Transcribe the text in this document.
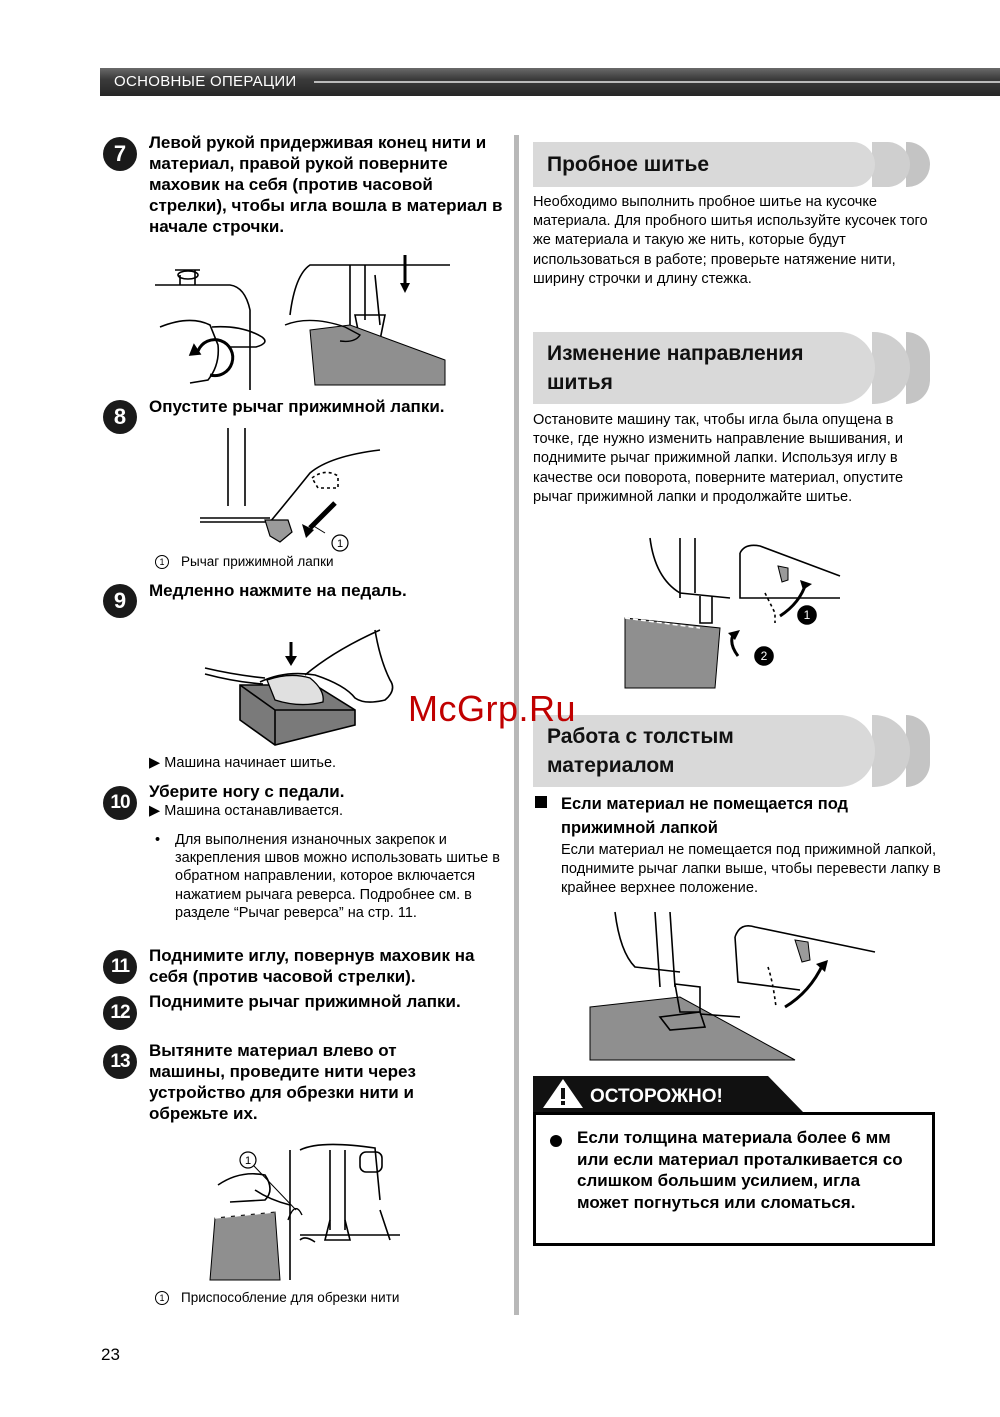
ОСНОВНЫЕ ОПЕРАЦИИ
7	Левой рукой придерживая конец нити и материал, правой рукой поверните маховик на себя (против часовой стрелки), чтобы игла вошла в материал в начале строчки.
8	Опустите рычаг прижимной лапки.
1
1 Рычаг прижимной лапки
9	Медленно нажмите на педаль.
▶ Машина начинает шитье.
10
Уберите ногу с педали.
▶ Машина останавливается.
•	Для выполнения изнаночных закрепок и закрепления швов можно использовать шитье в обратном направлении, которое включается нажатием рычага реверса. Подробнее см. в разделе “Рычаг реверса” на стр. 11.
11
Поднимите иглу, повернув маховик на себя (против часовой стрелки).
12
Поднимите рычаг прижимной лапки.
13
Вытяните материал влево от машины, проведите нити через устройство для обрезки нити и обрежьте их.
1
1 Приспособление для обрезки нити
Пробное шитье
Необходимо выполнить пробное шитье на кусочке материала. Для пробного шитья используйте кусочек того же материала и такую же нить, которые будут использоваться в работе; проверьте натяжение нити, ширину строчки и длину стежка.
Изменение направления
шитья
Остановите машину так, чтобы игла была опущена в точке, где нужно изменить направление вышивания, и поднимите рычаг прижимной лапки. Используя иглу в качестве оси поворота, поверните материал, опустите рычаг прижимной лапки и продолжайте шитье.
1
2
Работа с толстым
материалом
Если материал не помещается под
прижимной лапкой
Если материал не помещается под прижимной лапкой, поднимите рычаг лапки выше, чтобы перевести лапку в крайнее верхнее положение.
ОСТОРОЖНО!
Если толщина материала более 6 мм или если материал проталкивается со слишком большим усилием, игла может погнуться или сломаться.
McGrp.Ru
23
